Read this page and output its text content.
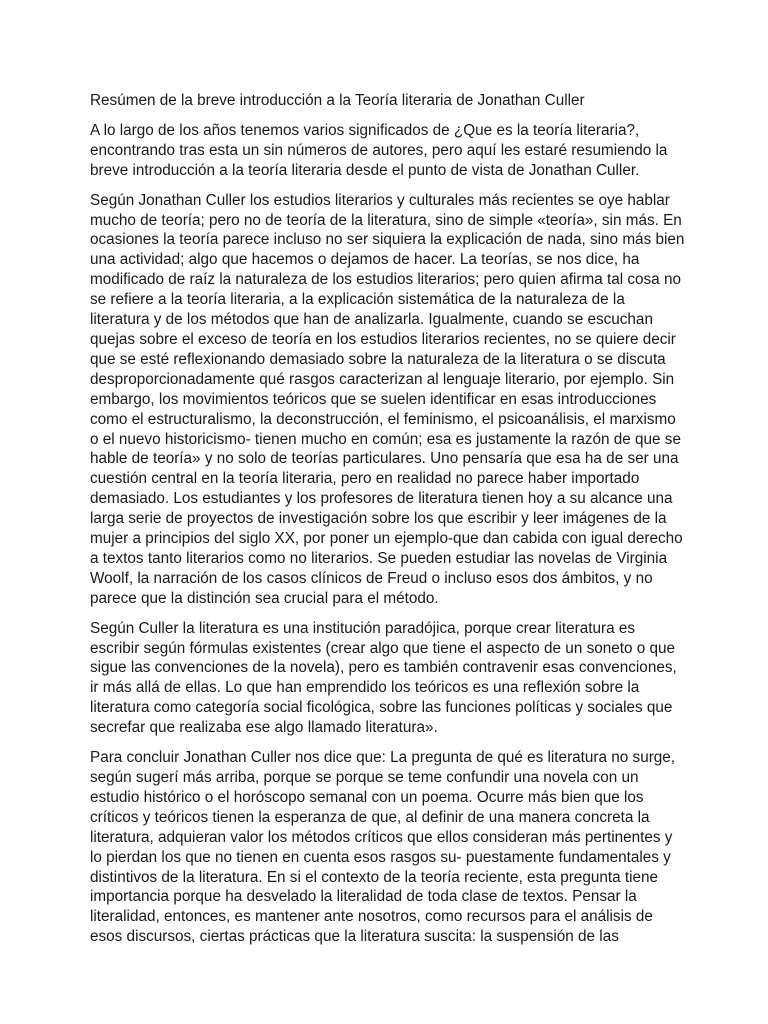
Resúmen de la breve introducción a la Teoría literaria de Jonathan Culler

A lo largo de los años tenemos varios significados de ¿Que es la teoría literaria?,
encontrando tras esta un sin números de autores, pero aquí les estaré resumiendo la
breve introducción a la teoría literaria desde el punto de vista de Jonathan Culler.

Según Jonathan Culler los estudios literarios y culturales más recientes se oye hablar
mucho de teoría; pero no de teoría de la literatura, sino de simple «teoría», sin más. En
ocasiones la teoría parece incluso no ser siquiera la explicación de nada, sino más bien
una actividad; algo que hacemos o dejamos de hacer. La teorías, se nos dice, ha
modificado de raíz la naturaleza de los estudios literarios; pero quien afirma tal cosa no
se refiere a la teoría literaria, a la explicación sistemática de la naturaleza de la
literatura y de los métodos que han de analizarla. Igualmente, cuando se escuchan
quejas sobre el exceso de teoría en los estudios literarios recientes, no se quiere decir
que se esté reflexionando demasiado sobre la naturaleza de la literatura o se discuta
desproporcionadamente qué rasgos caracterizan al lenguaje literario, por ejemplo. Sin
embargo, los movimientos teóricos que se suelen identificar en esas introducciones
como el estructuralismo, la deconstrucción, el feminismo, el psicoanálisis, el marxismo
o el nuevo historicismo- tienen mucho en común; esa es justamente la razón de que se
hable de teoría» y no solo de teorías particulares. Uno pensaría que esa ha de ser una
cuestión central en la teoría literaria, pero en realidad no parece haber importado
demasiado. Los estudiantes y los profesores de literatura tienen hoy a su alcance una
larga serie de proyectos de investigación sobre los que escribir y leer imágenes de la
mujer a principios del siglo XX, por poner un ejemplo-que dan cabida con igual derecho
a textos tanto literarios como no literarios. Se pueden estudiar las novelas de Virginia
Woolf, la narración de los casos clínicos de Freud o incluso esos dos ámbitos, y no
parece que la distinción sea crucial para el método.

Según Culler la literatura es una institución paradójica, porque crear literatura es
escribir según fórmulas existentes (crear algo que tiene el aspecto de un soneto o que
sigue las convenciones de la novela), pero es también contravenir esas convenciones,
ir más allá de ellas. Lo que han emprendido los teóricos es una reflexión sobre la
literatura como categoría social ficológica, sobre las funciones políticas y sociales que
secrefar que realizaba ese algo llamado literatura».

Para concluir Jonathan Culler nos dice que: La pregunta de qué es literatura no surge,
según sugerí más arriba, porque se porque se teme confundir una novela con un
estudio histórico o el horóscopo semanal con un poema. Ocurre más bien que los
críticos y teóricos tienen la esperanza de que, al definir de una manera concreta la
literatura, adquieran valor los métodos críticos que ellos consideran más pertinentes y
lo pierdan los que no tienen en cuenta esos rasgos su- puestamente fundamentales y
distintivos de la literatura. En si el contexto de la teoría reciente, esta pregunta tiene
importancia porque ha desvelado la literalidad de toda clase de textos. Pensar la
literalidad, entonces, es mantener ante nosotros, como recursos para el análisis de
esos discursos, ciertas prácticas que la literatura suscita: la suspensión de las
